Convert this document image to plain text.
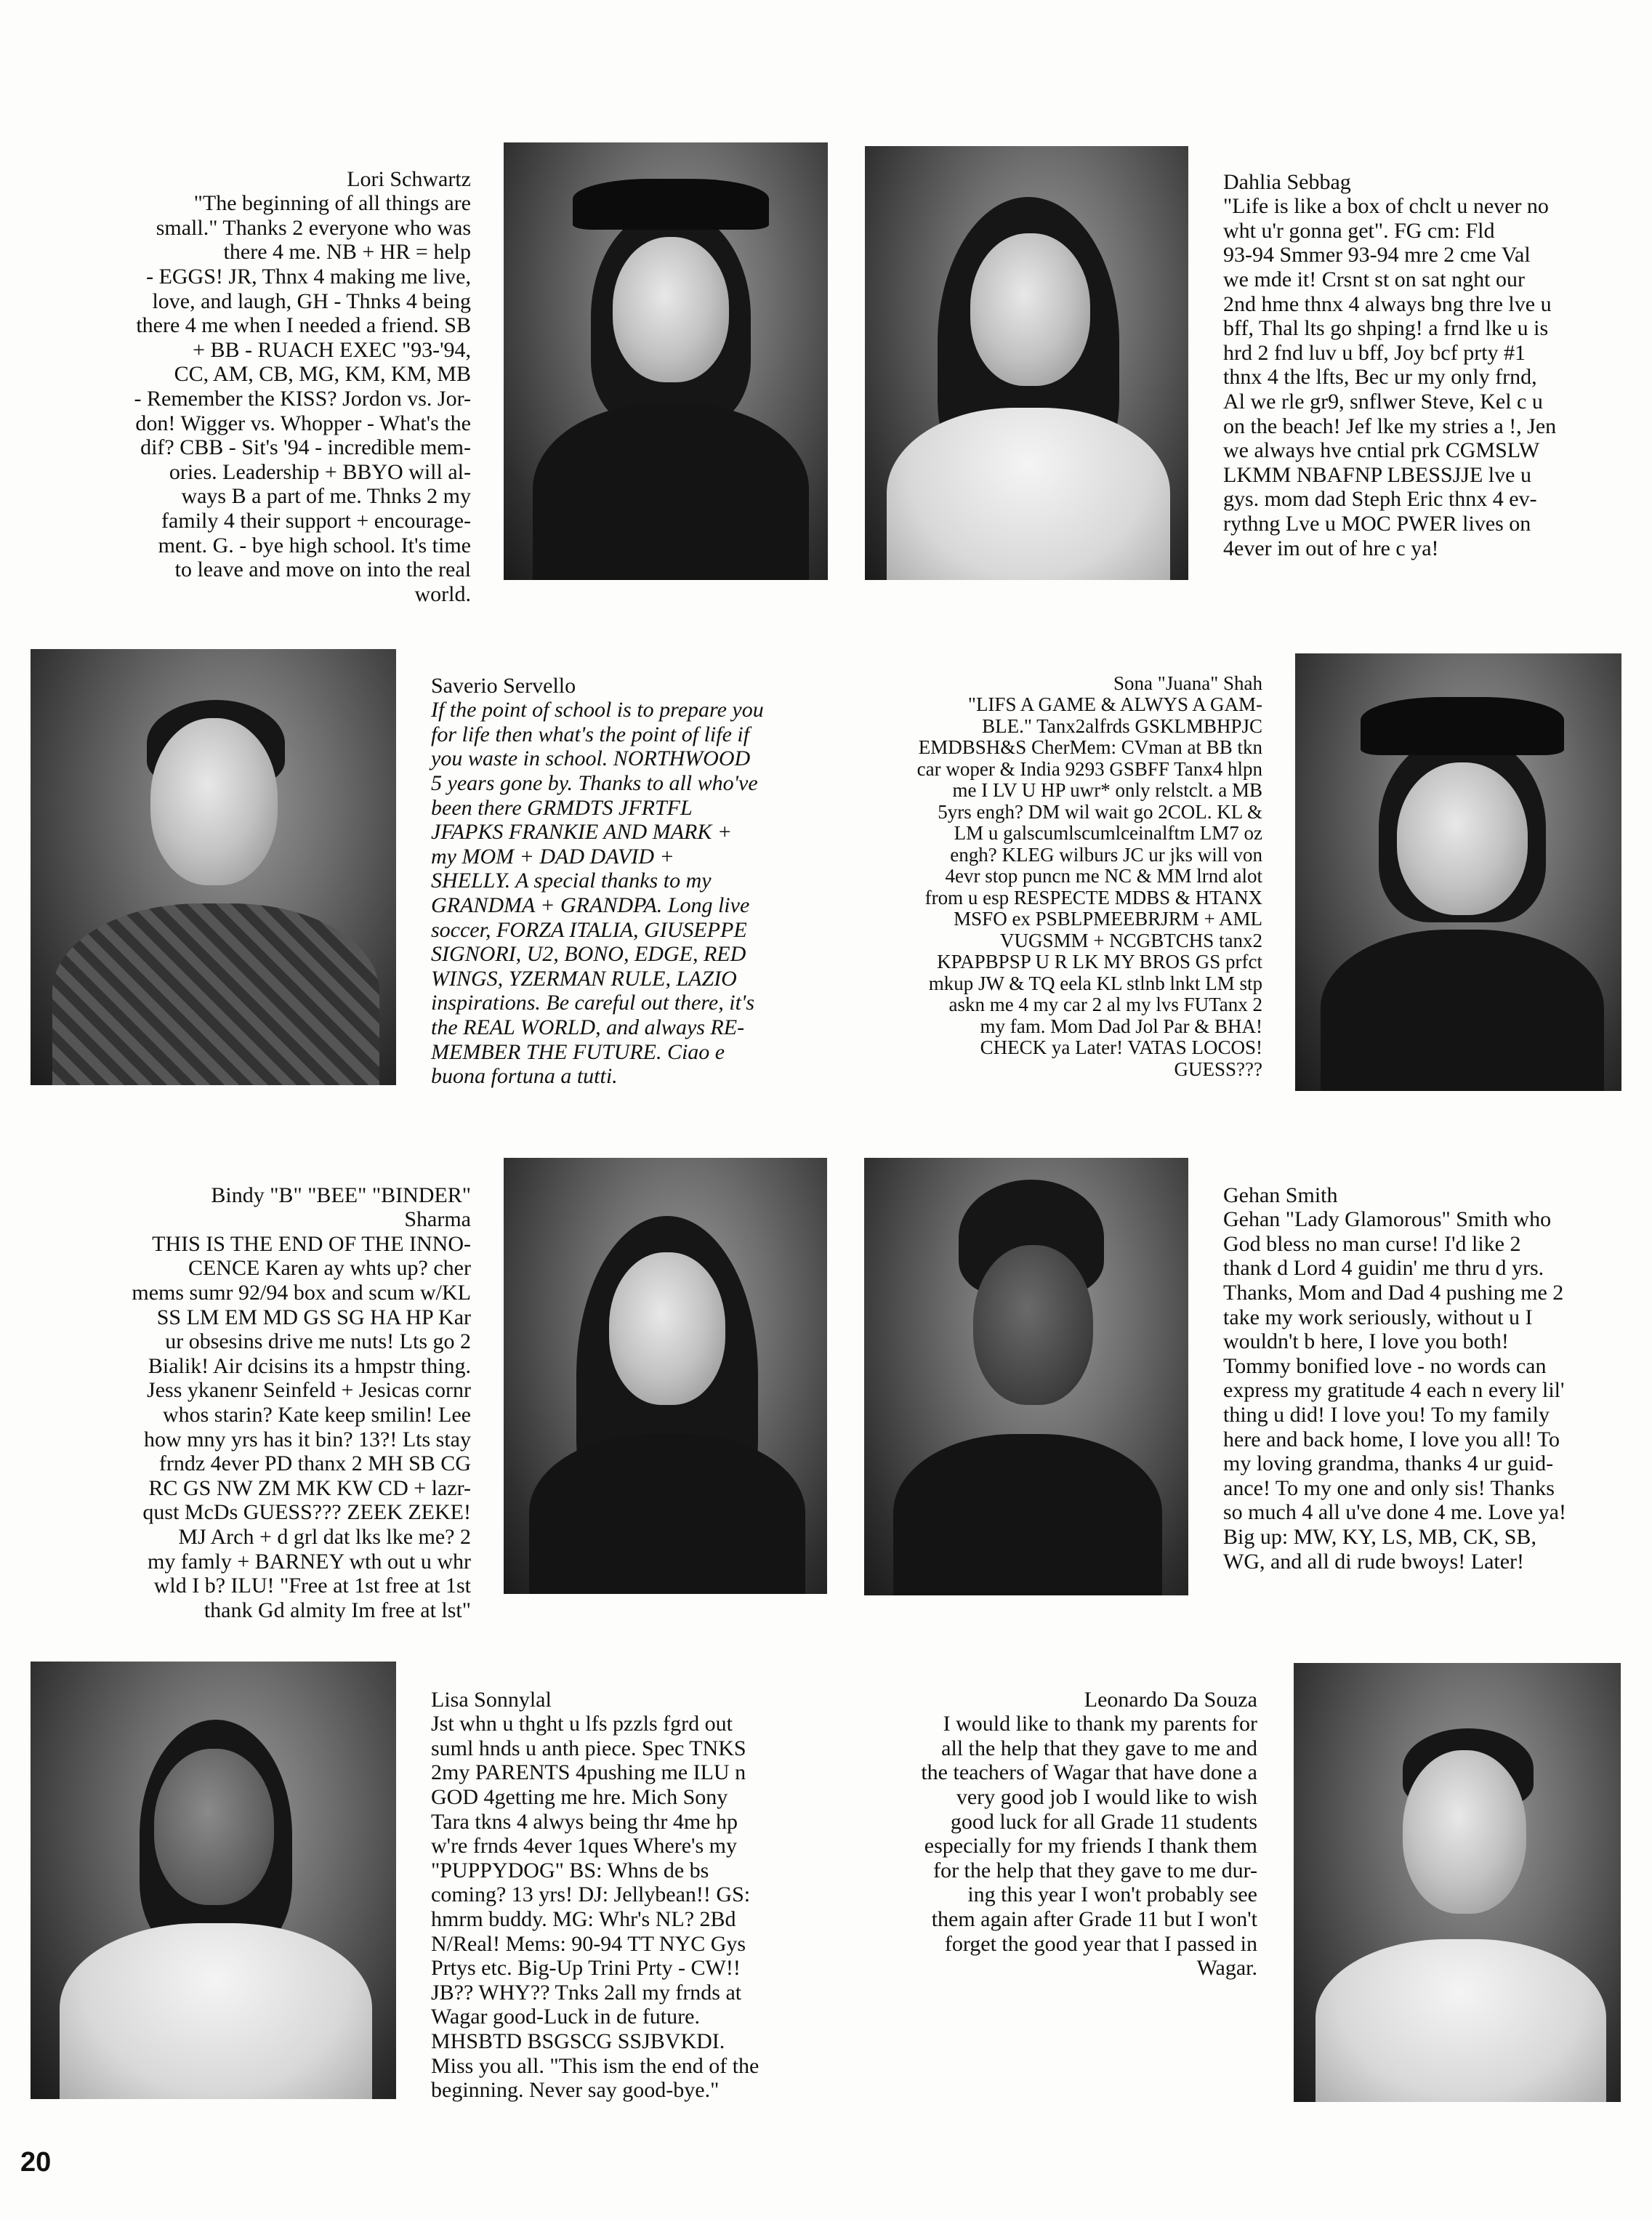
Lori Schwartz
"The beginning of all things are
small." Thanks 2 everyone who was
there 4 me. NB + HR = help
- EGGS! JR, Thnx 4 making me live,
love, and laugh, GH - Thnks 4 being
there 4 me when I needed a friend. SB
+ BB - RUACH EXEC "93-'94,
CC, AM, CB, MG, KM, KM, MB
- Remember the KISS? Jordon vs. Jor-
don! Wigger vs. Whopper - What's the
dif? CBB - Sit's '94 - incredible mem-
ories. Leadership + BBYO will al-
ways B a part of me. Thnks 2 my
family 4 their support + encourage-
ment. G. - bye high school. It's time
to leave and move on into the real
world.

Dahlia Sebbag
"Life is like a box of chclt u never no
wht u'r gonna get". FG cm: Fld
93-94 Smmer 93-94 mre 2 cme Val
we mde it! Crsnt st on sat nght our
2nd hme thnx 4 always bng thre lve u
bff, Thal lts go shping! a frnd lke u is
hrd 2 fnd luv u bff, Joy bcf prty #1
thnx 4 the lfts, Bec ur my only frnd,
Al we rle gr9, snflwer Steve, Kel c u
on the beach! Jef lke my stries a !, Jen
we always hve cntial prk CGMSLW
LKMM NBAFNP LBESSJJE lve u
gys. mom dad Steph Eric thnx 4 ev-
rythng Lve u MOC PWER lives on
4ever im out of hre c ya!

Saverio Servello
If the point of school is to prepare you
for life then what's the point of life if
you waste in school. NORTHWOOD
5 years gone by. Thanks to all who've
been there GRMDTS JFRTFL
JFAPKS FRANKIE AND MARK +
my MOM + DAD DAVID +
SHELLY. A special thanks to my
GRANDMA + GRANDPA. Long live
soccer, FORZA ITALIA, GIUSEPPE
SIGNORI, U2, BONO, EDGE, RED
WINGS, YZERMAN RULE, LAZIO
inspirations. Be careful out there, it's
the REAL WORLD, and always RE-
MEMBER THE FUTURE. Ciao e
buona fortuna a tutti.

Sona "Juana" Shah
"LIFS A GAME & ALWYS A GAM-
BLE." Tanx2alfrds GSKLMBHPJC
EMDBSH&S CherMem: CVman at BB tkn
car woper & India 9293 GSBFF Tanx4 hlpn
me I LV U HP uwr* only relstclt. a MB
5yrs engh? DM wil wait go 2COL. KL &
LM u galscumlscumlceinalftm LM7 oz
engh? KLEG wilburs JC ur jks will von
4evr stop puncn me NC & MM lrnd alot
from u esp RESPECTE MDBS & HTANX
MSFO ex PSBLPMEEBRJRM + AML
VUGSMM + NCGBTCHS tanx2
KPAPBPSP U R LK MY BROS GS prfct
mkup JW & TQ eela KL stlnb lnkt LM stp
askn me 4 my car 2 al my lvs FUTanx 2
my fam. Mom Dad Jol Par & BHA!
CHECK ya Later! VATAS LOCOS!
GUESS???

Bindy "B" "BEE" "BINDER"
Sharma
THIS IS THE END OF THE INNO-
CENCE Karen ay whts up? cher
mems sumr 92/94 box and scum w/KL
SS LM EM MD GS SG HA HP Kar
ur obsesins drive me nuts! Lts go 2
Bialik! Air dcisins its a hmpstr thing.
Jess ykanenr Seinfeld + Jesicas cornr
whos starin? Kate keep smilin! Lee
how mny yrs has it bin? 13?! Lts stay
frndz 4ever PD thanx 2 MH SB CG
RC GS NW ZM MK KW CD + lazr-
qust McDs GUESS??? ZEEK ZEKE!
MJ Arch + d grl dat lks lke me? 2
my famly + BARNEY wth out u whr
wld I b? ILU! "Free at 1st free at 1st
thank Gd almity Im free at lst"

Gehan Smith
Gehan "Lady Glamorous" Smith who
God bless no man curse! I'd like 2
thank d Lord 4 guidin' me thru d yrs.
Thanks, Mom and Dad 4 pushing me 2
take my work seriously, without u I
wouldn't b here, I love you both!
Tommy bonified love - no words can
express my gratitude 4 each n every lil'
thing u did! I love you! To my family
here and back home, I love you all! To
my loving grandma, thanks 4 ur guid-
ance! To my one and only sis! Thanks
so much 4 all u've done 4 me. Love ya!
Big up: MW, KY, LS, MB, CK, SB,
WG, and all di rude bwoys! Later!

Lisa Sonnylal
Jst whn u thght u lfs pzzls fgrd out
suml hnds u anth piece. Spec TNKS
2my PARENTS 4pushing me ILU n
GOD 4getting me hre. Mich Sony
Tara tkns 4 alwys being thr 4me hp
w're frnds 4ever 1ques Where's my
"PUPPYDOG" BS: Whns de bs
coming? 13 yrs! DJ: Jellybean!! GS:
hmrm buddy. MG: Whr's NL? 2Bd
N/Real! Mems: 90-94 TT NYC Gys
Prtys etc. Big-Up Trini Prty - CW!!
JB?? WHY?? Tnks 2all my frnds at
Wagar good-Luck in de future.
MHSBTD BSGSCG SSJBVKDI.
Miss you all. "This ism the end of the
beginning. Never say good-bye."

Leonardo Da Souza
I would like to thank my parents for
all the help that they gave to me and
the teachers of Wagar that have done a
very good job I would like to wish
good luck for all Grade 11 students
especially for my friends I thank them
for the help that they gave to me dur-
ing this year I won't probably see
them again after Grade 11 but I won't
forget the good year that I passed in
Wagar.

20
